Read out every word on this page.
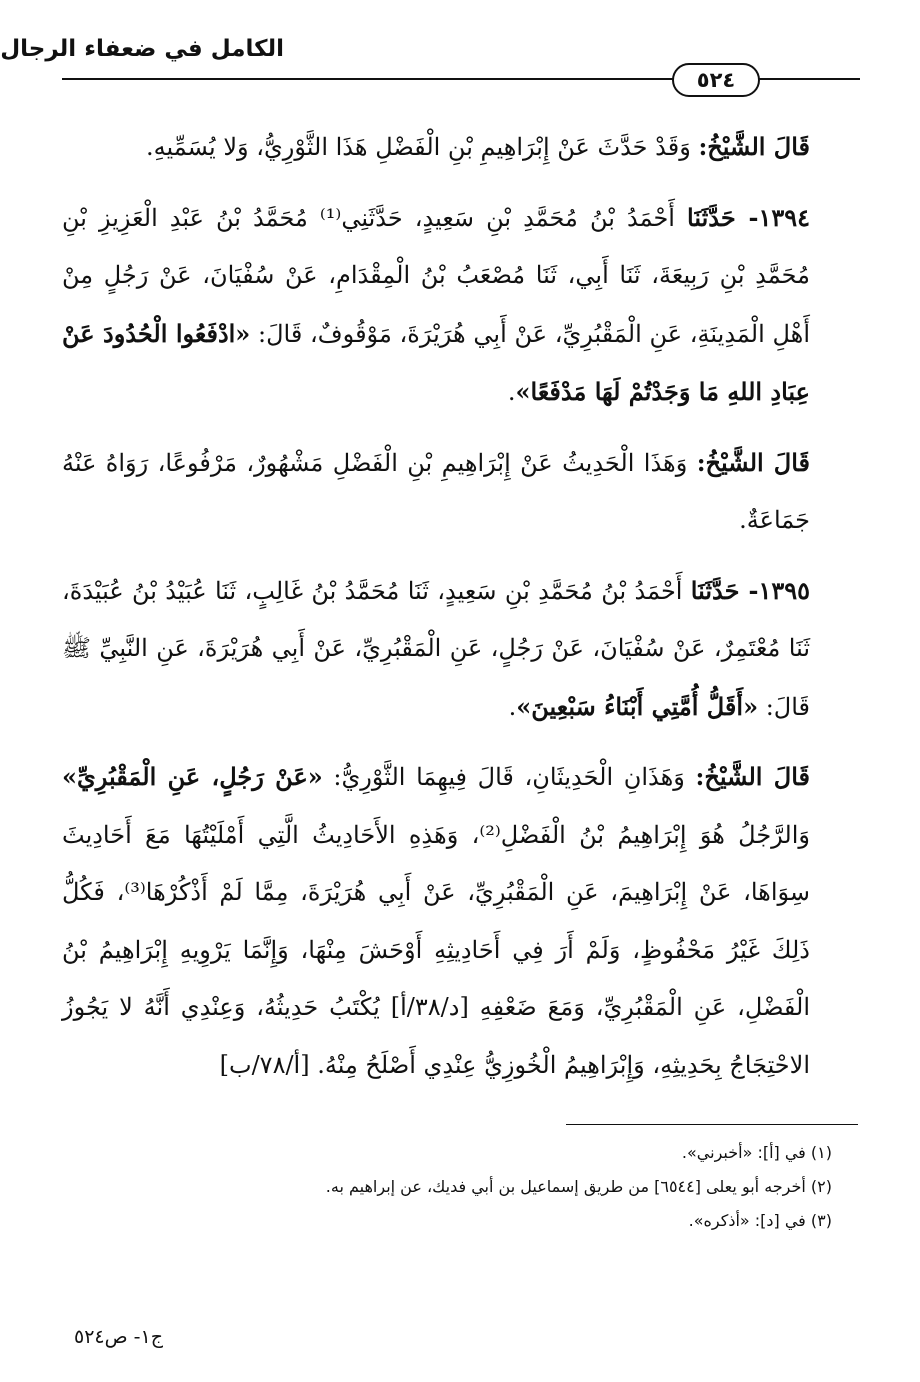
الكامل في ضعفاء الرجال
٥٢٤

قَالَ الشَّيْخُ: وَقَدْ حَدَّثَ عَنْ إِبْرَاهِيمِ بْنِ الْفَضْلِ هَذَا الثَّوْرِيُّ، وَلا يُسَمِّيهِ.

١٣٩٤- حَدَّثَنَا أَحْمَدُ بْنُ مُحَمَّدِ بْنِ سَعِيدٍ، حَدَّثَنِي⁽¹⁾ مُحَمَّدُ بْنُ عَبْدِ الْعَزِيزِ بْنِ مُحَمَّدِ بْنِ رَبِيعَةَ، ثَنَا أَبِي، ثَنَا مُصْعَبُ بْنُ الْمِقْدَامِ، عَنْ سُفْيَانَ، عَنْ رَجُلٍ مِنْ أَهْلِ الْمَدِينَةِ، عَنِ الْمَقْبُرِيِّ، عَنْ أَبِي هُرَيْرَةَ، مَوْقُوفٌ، قَالَ: «ادْفَعُوا الْحُدُودَ عَنْ عِبَادِ اللهِ مَا وَجَدْتُمْ لَهَا مَدْفَعًا».

قَالَ الشَّيْخُ: وَهَذَا الْحَدِيثُ عَنْ إِبْرَاهِيمِ بْنِ الْفَضْلِ مَشْهُورٌ، مَرْفُوعًا، رَوَاهُ عَنْهُ جَمَاعَةٌ.

١٣٩٥- حَدَّثَنَا أَحْمَدُ بْنُ مُحَمَّدِ بْنِ سَعِيدٍ، ثَنَا مُحَمَّدُ بْنُ غَالِبٍ، ثَنَا عُبَيْدُ بْنُ عُبَيْدَةَ، ثَنَا مُعْتَمِرٌ، عَنْ سُفْيَانَ، عَنْ رَجُلٍ، عَنِ الْمَقْبُرِيِّ، عَنْ أَبِي هُرَيْرَةَ، عَنِ النَّبِيِّ ﷺ قَالَ: «أَقَلُّ أُمَّتِي أَبْنَاءُ سَبْعِينَ».

قَالَ الشَّيْخُ: وَهَذَانِ الْحَدِيثَانِ، قَالَ فِيهِمَا الثَّوْرِيُّ: «عَنْ رَجُلٍ، عَنِ الْمَقْبُرِيِّ» وَالرَّجُلُ هُوَ إِبْرَاهِيمُ بْنُ الْفَضْلِ⁽²⁾، وَهَذِهِ الأَحَادِيثُ الَّتِي أَمْلَيْتُهَا مَعَ أَحَادِيثَ سِوَاهَا، عَنْ إِبْرَاهِيمَ، عَنِ الْمَقْبُرِيِّ، عَنْ أَبِي هُرَيْرَةَ، مِمَّا لَمْ أَذْكُرْهَا⁽³⁾، فَكُلُّ ذَلِكَ غَيْرُ مَحْفُوظٍ، وَلَمْ أَرَ فِي أَحَادِيثِهِ أَوْحَشَ مِنْهَا، وَإِنَّمَا يَرْوِيهِ إِبْرَاهِيمُ بْنُ الْفَضْلِ، عَنِ الْمَقْبُرِيِّ، وَمَعَ ضَعْفِهِ [د/٣٨/أ] يُكْتَبُ حَدِيثُهُ، وَعِنْدِي أَنَّهُ لا يَجُوزُ الاحْتِجَاجُ بِحَدِيثِهِ، وَإِبْرَاهِيمُ الْخُوزِيُّ عِنْدِي أَصْلَحُ مِنْهُ. [أ/٧٨/ب]

(١) في [أ]: «أخبرني».
(٢) أخرجه أبو يعلى [٦٥٤٤] من طريق إسماعيل بن أبي فديك، عن إبراهيم به.
(٣) في [د]: «أذكره».
ج١- ص٥٢٤
